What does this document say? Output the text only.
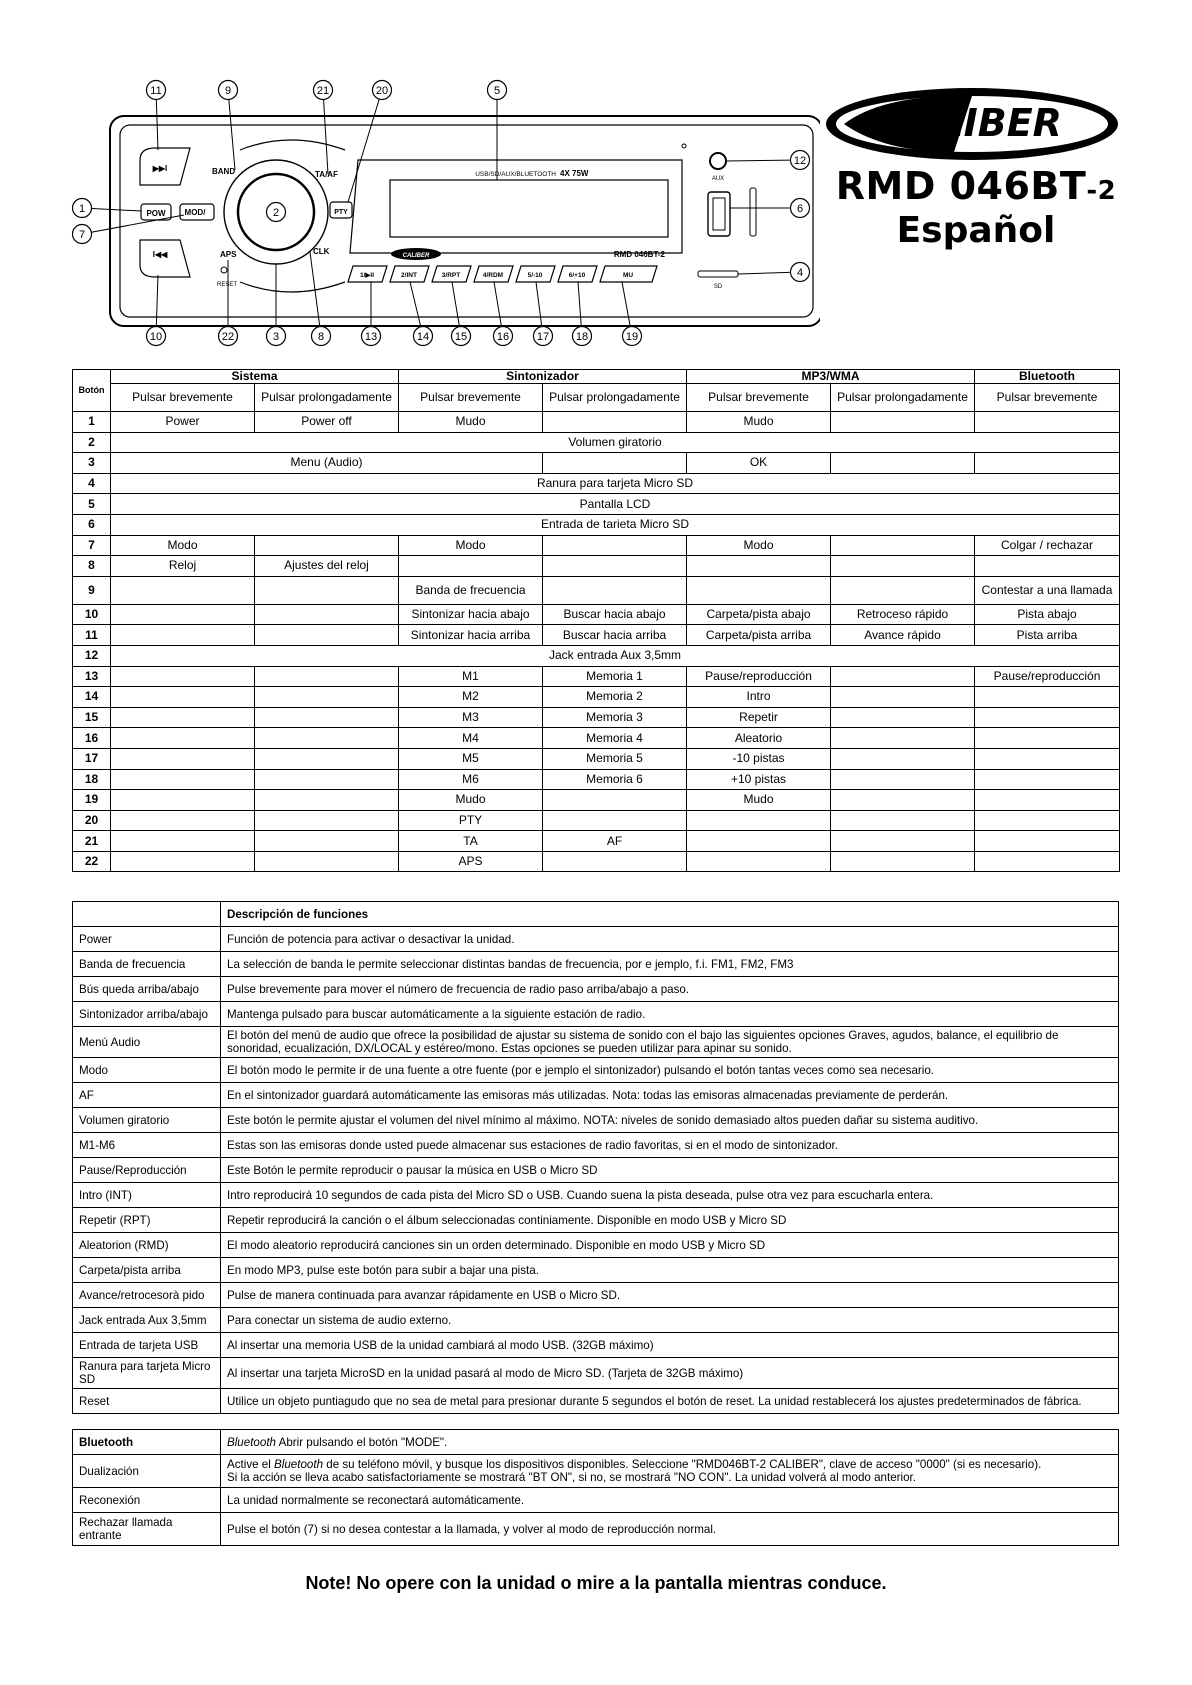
▶▶I
POW MOD/
I◀◀
BAND	TA/AF
APS	CLK
RESET
PTY
USB/SD/AUX/BLUETOOTH 4X 75W
CALIBER	RMD 046BT-2
1/▶II	2/INT	3/RPT	4/RDM	5/-10	6/+10	MU
AUX
SD
1	2
3
4
5
6
7
8
9
10
11
12
13	14 15	16	17 18	19
20
21
22
CALIBER
RMD 046BT-2
Español
Botón	Sistema		Sintonizador		MP3/WMA		Bluetooth
	Pulsar brevemente	Pulsar prolongadamente	Pulsar brevemente	Pulsar prolongadamente	Pulsar brevemente	Pulsar prolongadamente	Pulsar brevemente
1	Power	Power off	Mudo		Mudo		
2	Volumen giratorio						
3	Menu (Audio)				OK		
4	Ranura para tarjeta Micro SD						
5	Pantalla LCD						
6	Entrada de tarieta Micro SD						
7	Modo		Modo		Modo		Colgar / rechazar
8	Reloj	Ajustes del reloj					
9			Banda de frecuencia				Contestar a una llamada
10			Sintonizar hacia abajo	Buscar hacia abajo	Carpeta/pista abajo	Retroceso rápido	Pista abajo
11			Sintonizar hacia arriba	Buscar hacia arriba	Carpeta/pista arriba	Avance rápido	Pista arriba
12	Jack entrada Aux 3,5mm						
13			M1	Memoria 1	Pause/reproducción		Pause/reproducción
14			M2	Memoria 2	Intro		
15			M3	Memoria 3	Repetir		
16			M4	Memoria 4	Aleatorio		
17			M5	Memoria 5	-10 pistas		
18			M6	Memoria 6	+10 pistas		
19			Mudo		Mudo		
20			PTY				
21			TA	AF			
22			APS				
	Descripción de funciones
Power	Función de potencia para activar o desactivar la unidad.
Banda de frecuencia	La selección de banda le permite seleccionar distintas bandas de frecuencia, por e jemplo, f.i. FM1, FM2, FM3
Bús queda arriba/abajo	Pulse brevemente para mover el número de frecuencia de radio paso arriba/abajo a paso.
Sintonizador arriba/abajo	Mantenga pulsado para buscar automáticamente a la siguiente estación de radio.
Menú Audio	El botón del menú de audio que ofrece la posibilidad de ajustar su sistema de sonido con el bajo las siguientes opciones Graves, agudos, balance, el equilibrio de sonoridad, ecualización, DX/LOCAL y estéreo/mono. Estas opciones se pueden utilizar para apinar su sonido.
Modo	El botón modo le permite ir de una fuente a otre fuente (por e jemplo el sintonizador) pulsando el botón tantas veces como sea necesario.
AF	En el sintonizador guardará automáticamente las emisoras más utilizadas. Nota: todas las emisoras almacenadas previamente de perderán.
Volumen giratorio	Este botón le permite ajustar el volumen del nivel mínimo al máximo. NOTA: niveles de sonido demasiado altos pueden dañar su sistema auditivo.
M1-M6	Estas son las emisoras donde usted puede almacenar sus estaciones de radio favoritas, si en el modo de sintonizador.
Pause/Reproducción	Este Botón le permite reproducir o pausar la música en USB o Micro SD
Intro (INT)	Intro reproducirá 10 segundos de cada pista del Micro SD o USB. Cuando suena la pista deseada, pulse otra vez para escucharla entera.
Repetir (RPT)	Repetir reproducirá la canción o el álbum seleccionadas continiamente. Disponible en modo USB y Micro SD
Aleatorion (RMD)	El modo aleatorio reproducirá canciones sin un orden determinado. Disponible en modo USB y Micro SD
Carpeta/pista arriba	En modo MP3, pulse este botón para subir a bajar una pista.
Avance/retrocesorà pido	Pulse de manera continuada para avanzar rápidamente en USB o Micro SD.
Jack entrada Aux 3,5mm	Para conectar un sistema de audio externo.
Entrada de tarjeta USB	Al insertar una memoria USB de la unidad cambiará al modo USB. (32GB máximo)
Ranura para tarjeta Micro SD	Al insertar una tarjeta MicroSD en la unidad pasará al modo de Micro SD. (Tarjeta de 32GB máximo)
Reset	Utilice un objeto puntiagudo que no sea de metal para presionar durante 5 segundos el botón de reset. La unidad restablecerá los ajustes predeterminados de fábrica.
Bluetooth	Bluetooth Abrir pulsando el botón "MODE".
Dualización	Active el Bluetooth de su teléfono móvil, y busque los dispositivos disponibles. Seleccione "RMD046BT-2 CALIBER", clave de acceso "0000" (si es necesario).
Si la acción se lleva acabo satisfactoriamente se mostrará "BT ON", si no, se mostrará "NO CON". La unidad volverá al modo anterior.
Reconexión	La unidad normalmente se reconectará automáticamente.
Rechazar llamada entrante	Pulse el botón (7) si no desea contestar a la llamada, y volver al modo de reproducción normal.
Note! No opere con la unidad o mire a la pantalla mientras conduce.
